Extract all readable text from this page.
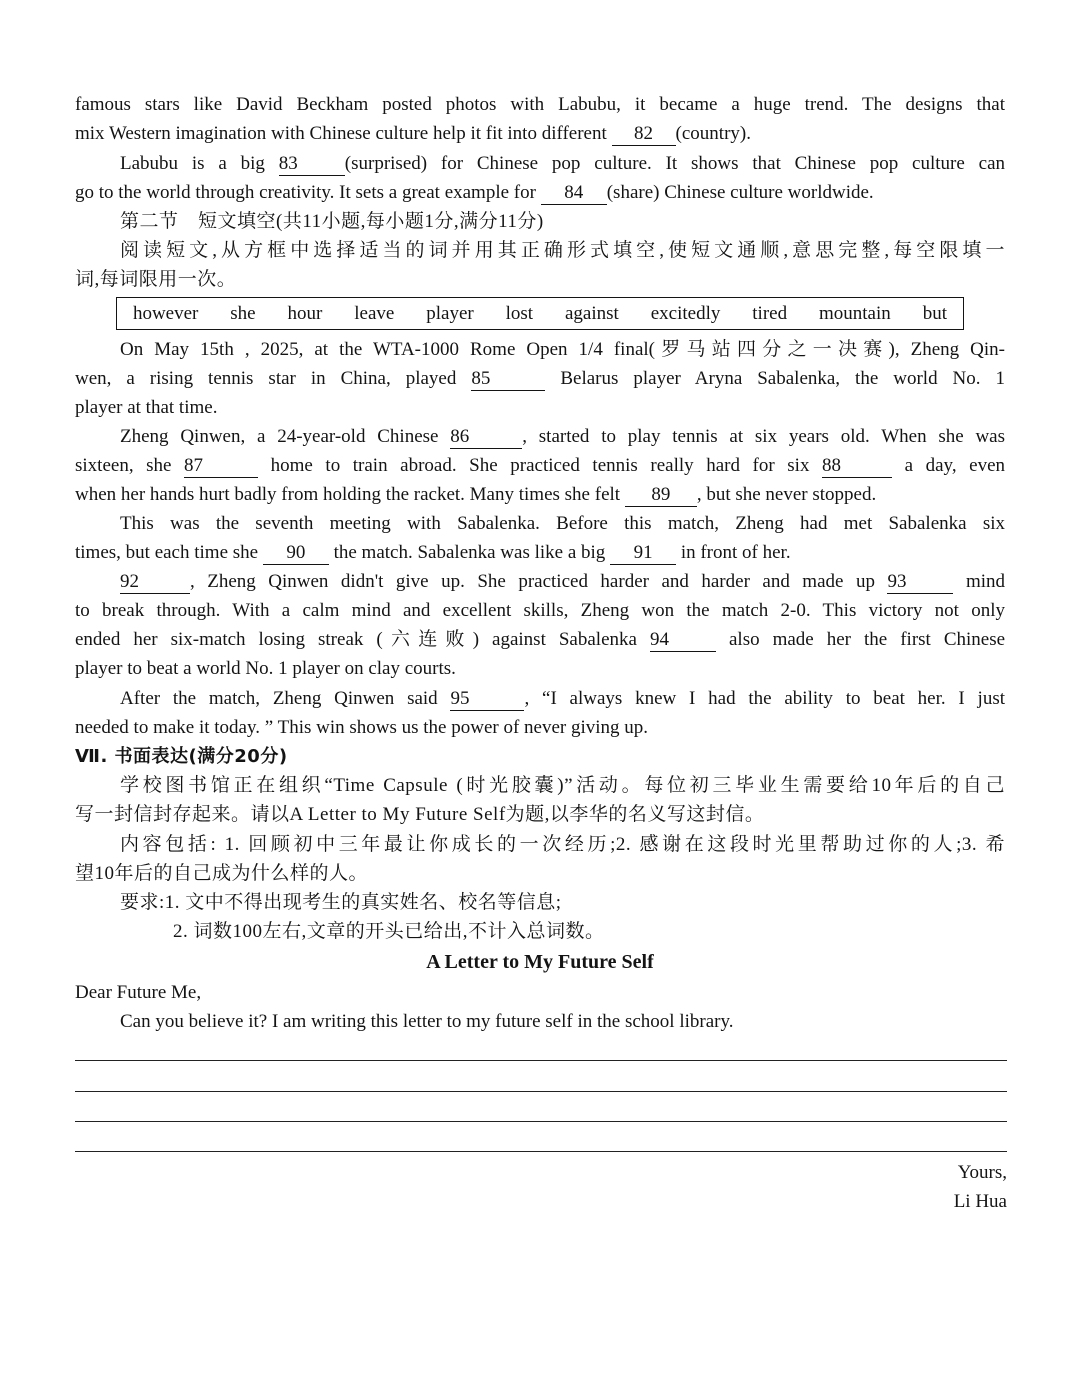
famous stars like David Beckham posted photos with Labubu, it became a huge trend. The designs that
mix Western imagination with Chinese culture help it fit into different 82 (country).
Labubu is a big 83 (surprised) for Chinese pop culture. It shows that Chinese pop culture can
go to the world through creativity. It sets a great example for 84 (share) Chinese culture worldwide.
第二节　短文填空(共11小题,每小题1分,满分11分)
阅读短文,从方框中选择适当的词并用其正确形式填空,使短文通顺,意思完整,每空限填一
词,每词限用一次。
however she hour leave player lost against excitedly tired mountain but
On May 15th , 2025, at the WTA-1000 Rome Open 1/4 final(罗马站四分之一决赛), Zheng Qin-
wen, a rising tennis star in China, played 85	Belarus player Aryna Sabalenka, the world No. 1
player at that time.
Zheng Qinwen, a 24-year-old Chinese 86	, started to play tennis at six years old. When she was
sixteen, she 87	home to train abroad. She practiced tennis really hard for six 88	a day, even
when her hands hurt badly from holding the racket. Many times she felt 89 , but she never stopped.
This was the seventh meeting with Sabalenka. Before this match, Zheng had met Sabalenka six
times, but each time she 90 the match. Sabalenka was like a big 91 in front of her.
92	, Zheng Qinwen didn't give up. She practiced harder and harder and made up 93	mind
to break through. With a calm mind and excellent skills, Zheng won the match 2-0. This victory not only
ended her six-match losing streak (六连败) against Sabalenka 94	also made her the first Chinese
player to beat a world No. 1 player on clay courts.
After the match, Zheng Qinwen said 95	, “I always knew I had the ability to beat her. I just
needed to make it today. ” This win shows us the power of never giving up.
Ⅶ. 书面表达(满分20分)
学校图书馆正在组织“Time Capsule (时光胶囊)”活动。每位初三毕业生需要给10年后的自己
写一封信封存起来。请以A Letter to My Future Self为题,以李华的名义写这封信。
内容包括: 1. 回顾初中三年最让你成长的一次经历;2. 感谢在这段时光里帮助过你的人;3. 希
望10年后的自己成为什么样的人。
要求:1. 文中不得出现考生的真实姓名、校名等信息;
2. 词数100左右,文章的开头已给出,不计入总词数。
A Letter to My Future Self
Dear Future Me,
Can you believe it? I am writing this letter to my future self in the school library.
Yours,
Li Hua
